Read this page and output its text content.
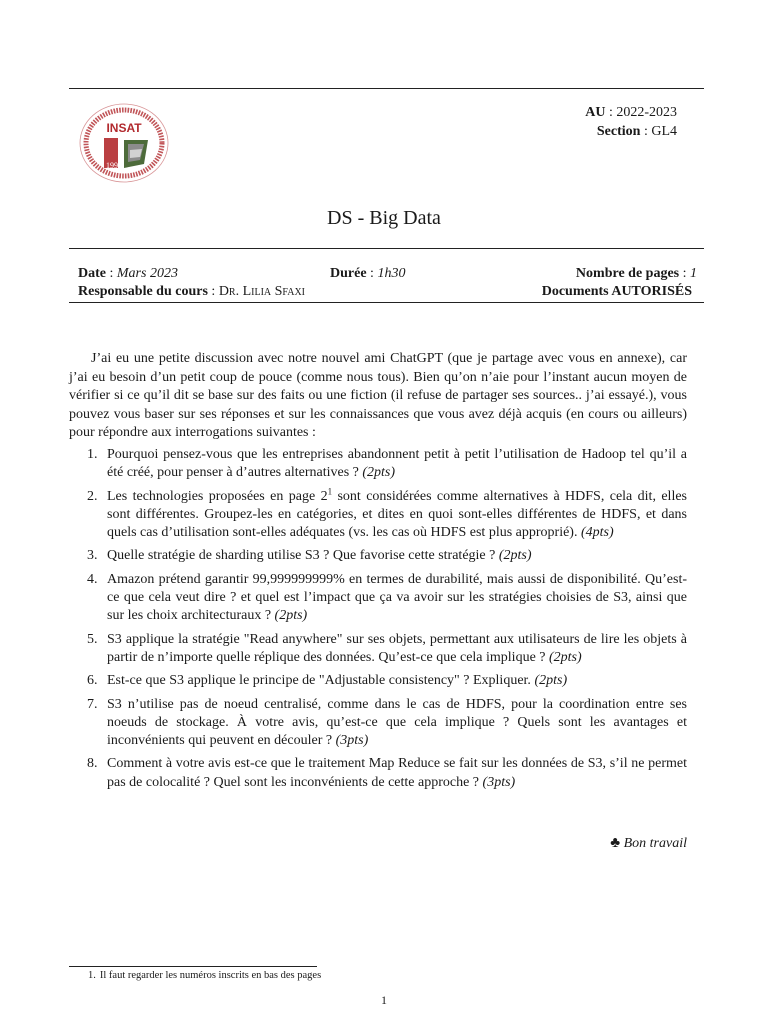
INSAT
1996
AU : 2022-2023
Section : GL4
DS - Big Data
Date : Mars 2023	Durée : 1h30	Nombre de pages : 1
Responsable du cours : Dr. Lilia Sfaxi	Documents AUTORISÉS

J’ai eu une petite discussion avec notre nouvel ami ChatGPT (que je partage avec vous en annexe), car j’ai eu besoin d’un petit coup de pouce (comme nous tous). Bien qu’on n’aie pour l’instant aucun moyen de vérifier si ce qu’il dit se base sur des faits ou une fiction (il refuse de partager ses sources.. j’ai essayé.), vous pouvez vous baser sur ses réponses et sur les connaissances que vous avez déjà acquis (en cours ou ailleurs) pour répondre aux interrogations suivantes :

1. Pourquoi pensez-vous que les entreprises abandonnent petit à petit l’utilisation de Hadoop tel qu’il a été créé, pour penser à d’autres alternatives ? (2pts)
2. Les technologies proposées en page 2$^1$ sont considérées comme alternatives à HDFS, cela dit, elles sont différentes. Groupez-les en catégories, et dites en quoi sont-elles différentes de HDFS, et dans quels cas d’utilisation sont-elles adéquates (vs. les cas où HDFS est plus approprié). (4pts)
3. Quelle stratégie de sharding utilise S3 ? Que favorise cette stratégie ? (2pts)
4. Amazon prétend garantir 99,999999999% en termes de durabilité, mais aussi de disponibilité. Qu’est-ce que cela veut dire ? et quel est l’impact que ça va avoir sur les stratégies choisies de S3, ainsi que sur les choix architecturaux ? (2pts)
5. S3 applique la stratégie "Read anywhere" sur ses objets, permettant aux utilisateurs de lire les objets à partir de n’importe quelle réplique des données. Qu’est-ce que cela implique ? (2pts)
6. Est-ce que S3 applique le principe de "Adjustable consistency" ? Expliquer. (2pts)
7. S3 n’utilise pas de noeud centralisé, comme dans le cas de HDFS, pour la coordination entre ses noeuds de stockage. À votre avis, qu’est-ce que cela implique ? Quels sont les avantages et inconvénients qui peuvent en découler ? (3pts)
8. Comment à votre avis est-ce que le traitement Map Reduce se fait sur les données de S3, s’il ne permet pas de colocalité ? Quel sont les inconvénients de cette approche ? (3pts)
♣ Bon travail
1. Il faut regarder les numéros inscrits en bas des pages
1
